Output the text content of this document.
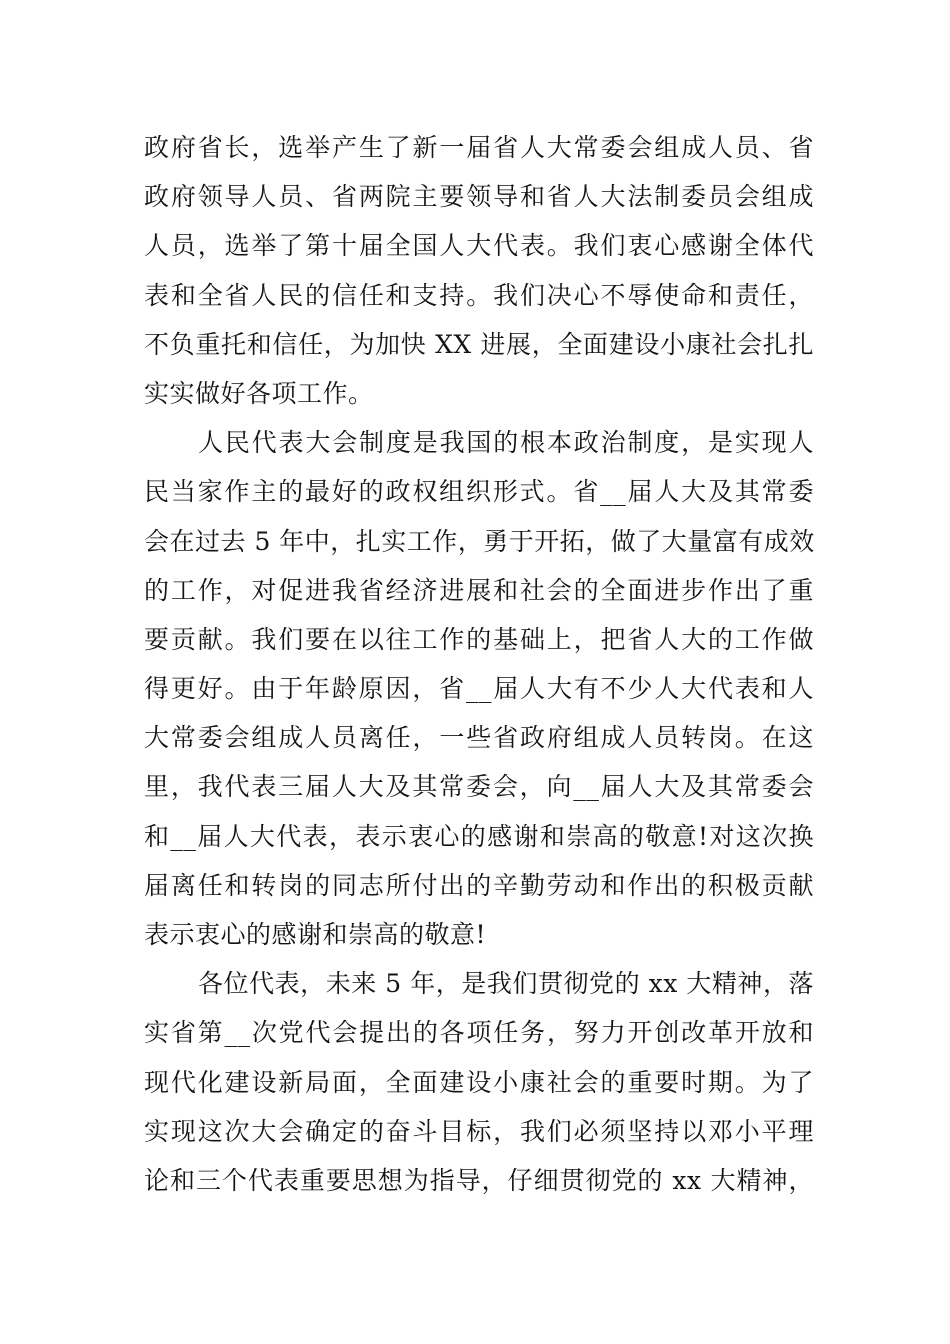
政府省长，选举产生了新一届省人大常委会组成人员、省
政府领导人员、省两院主要领导和省人大法制委员会组成
人员，选举了第十届全国人大代表。我们衷心感谢全体代
表和全省人民的信任和支持。我们决心不辱使命和责任，
不负重托和信任，为加快 XX 进展，全面建设小康社会扎扎
实实做好各项工作。
人民代表大会制度是我国的根本政治制度，是实现人
民当家作主的最好的政权组织形式。省__届人大及其常委
会在过去 5 年中，扎实工作，勇于开拓，做了大量富有成效
的工作，对促进我省经济进展和社会的全面进步作出了重
要贡献。我们要在以往工作的基础上，把省人大的工作做
得更好。由于年龄原因，省__届人大有不少人大代表和人
大常委会组成人员离任，一些省政府组成人员转岗。在这
里，我代表三届人大及其常委会，向__届人大及其常委会
和__届人大代表，表示衷心的感谢和崇高的敬意!对这次换
届离任和转岗的同志所付出的辛勤劳动和作出的积极贡献
表示衷心的感谢和崇高的敬意!
各位代表，未来 5 年，是我们贯彻党的 xx 大精神，落
实省第__次党代会提出的各项任务，努力开创改革开放和
现代化建设新局面，全面建设小康社会的重要时期。为了
实现这次大会确定的奋斗目标，我们必须坚持以邓小平理
论和三个代表重要思想为指导，仔细贯彻党的 xx 大精神，
